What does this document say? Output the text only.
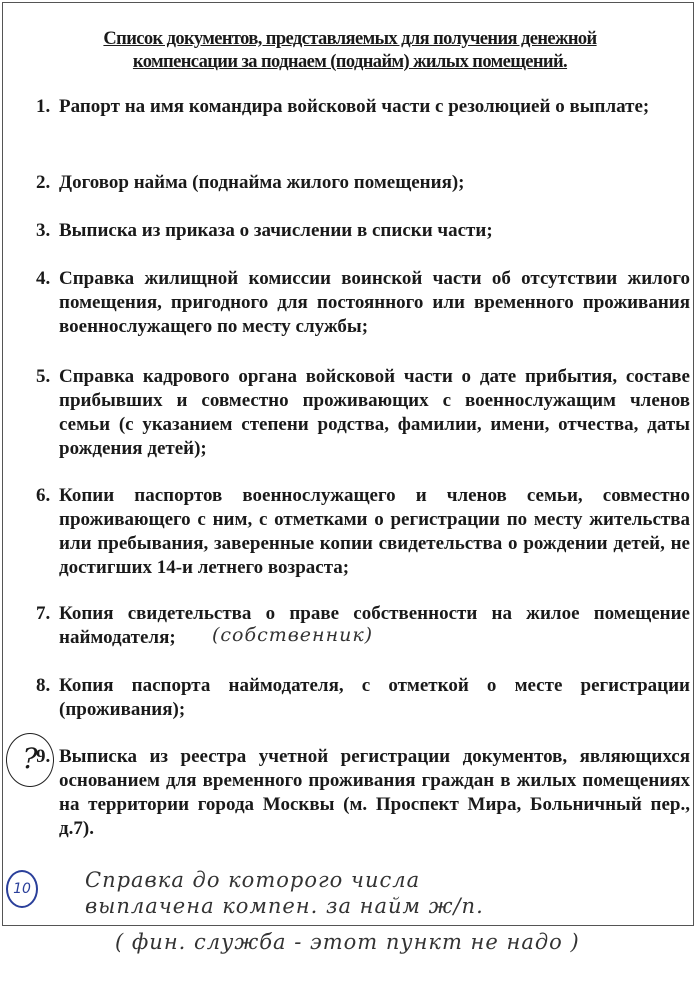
Список документов, представляемых для получения денежной
компенсации за поднаем (поднайм) жилых помещений.
1. Рапорт на имя командира войсковой части с резолюцией о выплате;
2. Договор найма (поднайма жилого помещения);
3. Выписка из приказа о зачислении в списки части;
4. Справка жилищной комиссии воинской части об отсутствии жилого помещения, пригодного для постоянного или временного проживания военнослужащего по месту службы;
5. Справка кадрового органа войсковой части о дате прибытия, составе прибывших и совместно проживающих с военнослужащим членов семьи (с указанием степени родства, фамилии, имени, отчества, даты рождения детей);
6. Копии паспортов военнослужащего и членов семьи, совместно проживающего с ним, с отметками о регистрации по месту жительства или пребывания, заверенные копии свидетельства о рождении детей, не достигших 14-и летнего возраста;
7. Копия свидетельства о праве собственности на жилое помещение наймодателя;
8. Копия паспорта наймодателя, с отметкой о месте регистрации (проживания);
9. Выписка из реестра учетной регистрации документов, являющихся основанием для временного проживания граждан в жилых помещениях на территории города Москвы (м. Проспект Мира, Больничный пер., д.7).
(собственник)
?
10	Справка до которого числа
выплачена компен. за найм ж/п.
( фин. служба - этот пункт не надо )
